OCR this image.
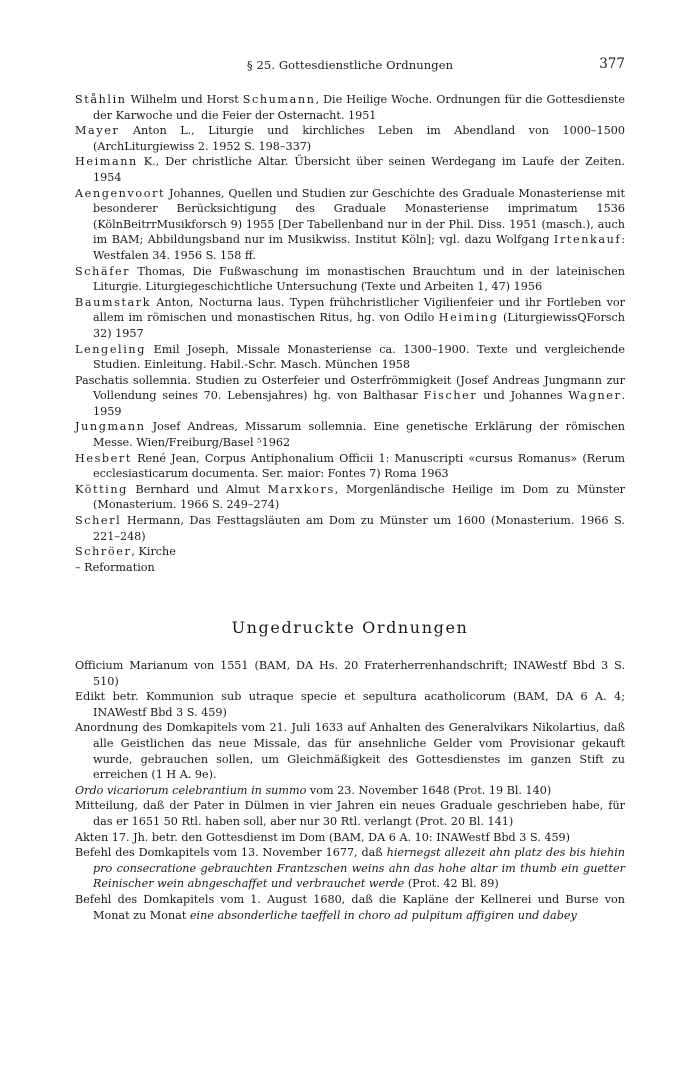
§ 25. Gottesdienstliche Ordnungen	377
Ståhlin Wilhelm und Horst Schumann, Die Heilige Woche. Ordnungen für die Gottesdienste der Karwoche und die Feier der Osternacht. 1951
Mayer Anton L., Liturgie und kirchliches Leben im Abendland von 1000–1500 (ArchLiturgiewiss 2. 1952 S. 198–337)
Heimann K., Der christliche Altar. Übersicht über seinen Werdegang im Laufe der Zeiten. 1954
Aengenvoort Johannes, Quellen und Studien zur Geschichte des Graduale Monasteriense mit besonderer Berücksichtigung des Graduale Monasteriense imprimatum 1536 (KölnBeitrrMusikforsch 9) 1955 [Der Tabellenband nur in der Phil. Diss. 1951 (masch.), auch im BAM; Abbildungsband nur im Musikwiss. Institut Köln]; vgl. dazu Wolfgang Irtenkauf: Westfalen 34. 1956 S. 158 ff.
Schäfer Thomas, Die Fußwaschung im monastischen Brauchtum und in der lateinischen Liturgie. Liturgiegeschichtliche Untersuchung (Texte und Arbeiten 1, 47) 1956
Baumstark Anton, Nocturna laus. Typen frühchristlicher Vigilienfeier und ihr Fortleben vor allem im römischen und monastischen Ritus, hg. von Odilo Heiming (LiturgiewissQForsch 32) 1957
Lengeling Emil Joseph, Missale Monasteriense ca. 1300–1900. Texte und vergleichende Studien. Einleitung. Habil.-Schr. Masch. München 1958
Paschatis sollemnia. Studien zu Osterfeier und Osterfrömmigkeit (Josef Andreas Jungmann zur Vollendung seines 70. Lebensjahres) hg. von Balthasar Fischer und Johannes Wagner. 1959
Jungmann Josef Andreas, Missarum sollemnia. Eine genetische Erklärung der römischen Messe. Wien/Freiburg/Basel ⁵1962
Hesbert René Jean, Corpus Antiphonalium Officii 1: Manuscripti «cursus Romanus» (Rerum ecclesiasticarum documenta. Ser. maior: Fontes 7) Roma 1963
Kötting Bernhard und Almut Marxkors, Morgenländische Heilige im Dom zu Münster (Monasterium. 1966 S. 249–274)
Scherl Hermann, Das Festtagsläuten am Dom zu Münster um 1600 (Monasterium. 1966 S. 221–248)
Schröer, Kirche
– Reformation
Ungedruckte Ordnungen
Officium Marianum von 1551 (BAM, DA Hs. 20 Fraterherrenhandschrift; INAWestf Bbd 3 S. 510)
Edikt betr. Kommunion sub utraque specie et sepultura acatholicorum (BAM, DA 6 A. 4; INAWestf Bbd 3 S. 459)
Anordnung des Domkapitels vom 21. Juli 1633 auf Anhalten des Generalvikars Nikolartius, daß alle Geistlichen das neue Missale, das für ansehnliche Gelder vom Provisionar gekauft wurde, gebrauchen sollen, um Gleichmäßigkeit des Gottesdienstes im ganzen Stift zu erreichen (1 H A. 9e).
Ordo vicariorum celebrantium in summo vom 23. November 1648 (Prot. 19 Bl. 140)
Mitteilung, daß der Pater in Dülmen in vier Jahren ein neues Graduale geschrieben habe, für das er 1651 50 Rtl. haben soll, aber nur 30 Rtl. verlangt (Prot. 20 Bl. 141)
Akten 17. Jh. betr. den Gottesdienst im Dom (BAM, DA 6 A. 10: INAWestf Bbd 3 S. 459)
Befehl des Domkapitels vom 13. November 1677, daß hiernegst allezeit ahn platz des bis hiehin pro consecratione gebrauchten Frantzschen weins ahn das hohe altar im thumb ein guetter Reinischer wein abngeschaffet und verbrauchet werde (Prot. 42 Bl. 89)
Befehl des Domkapitels vom 1. August 1680, daß die Kapläne der Kellnerei und Burse von Monat zu Monat eine absonderliche taeffell in choro ad pulpitum affigiren und dabey
